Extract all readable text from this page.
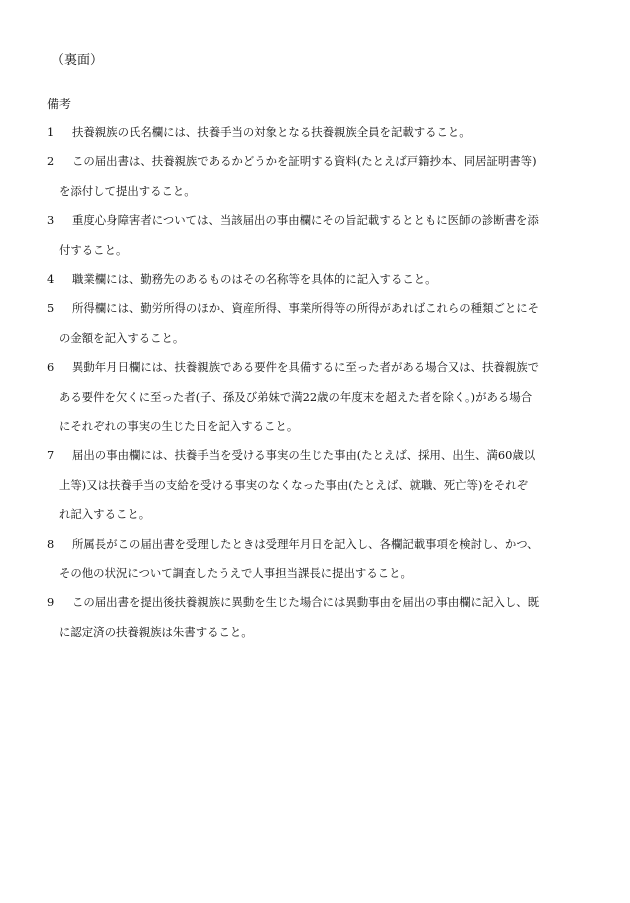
（裏面）
備考
1 扶養親族の氏名欄には、扶養手当の対象となる扶養親族全員を記載すること。
2 この届出書は、扶養親族であるかどうかを証明する資料(たとえば戸籍抄本、同居証明書等)
を添付して提出すること。
3 重度心身障害者については、当該届出の事由欄にその旨記載するとともに医師の診断書を添
付すること。
4 職業欄には、勤務先のあるものはその名称等を具体的に記入すること。
5 所得欄には、勤労所得のほか、資産所得、事業所得等の所得があればこれらの種類ごとにそ
の金額を記入すること。
6 異動年月日欄には、扶養親族である要件を具備するに至った者がある場合又は、扶養親族で
ある要件を欠くに至った者(子、孫及び弟妹で満22歳の年度末を超えた者を除く。)がある場合
にそれぞれの事実の生じた日を記入すること。
7 届出の事由欄には、扶養手当を受ける事実の生じた事由(たとえば、採用、出生、満60歳以
上等)又は扶養手当の支給を受ける事実のなくなった事由(たとえば、就職、死亡等)をそれぞ
れ記入すること。
8 所属長がこの届出書を受理したときは受理年月日を記入し、各欄記載事項を検討し、かつ、
その他の状況について調査したうえで人事担当課長に提出すること。
9 この届出書を提出後扶養親族に異動を生じた場合には異動事由を届出の事由欄に記入し、既
に認定済の扶養親族は朱書すること。
